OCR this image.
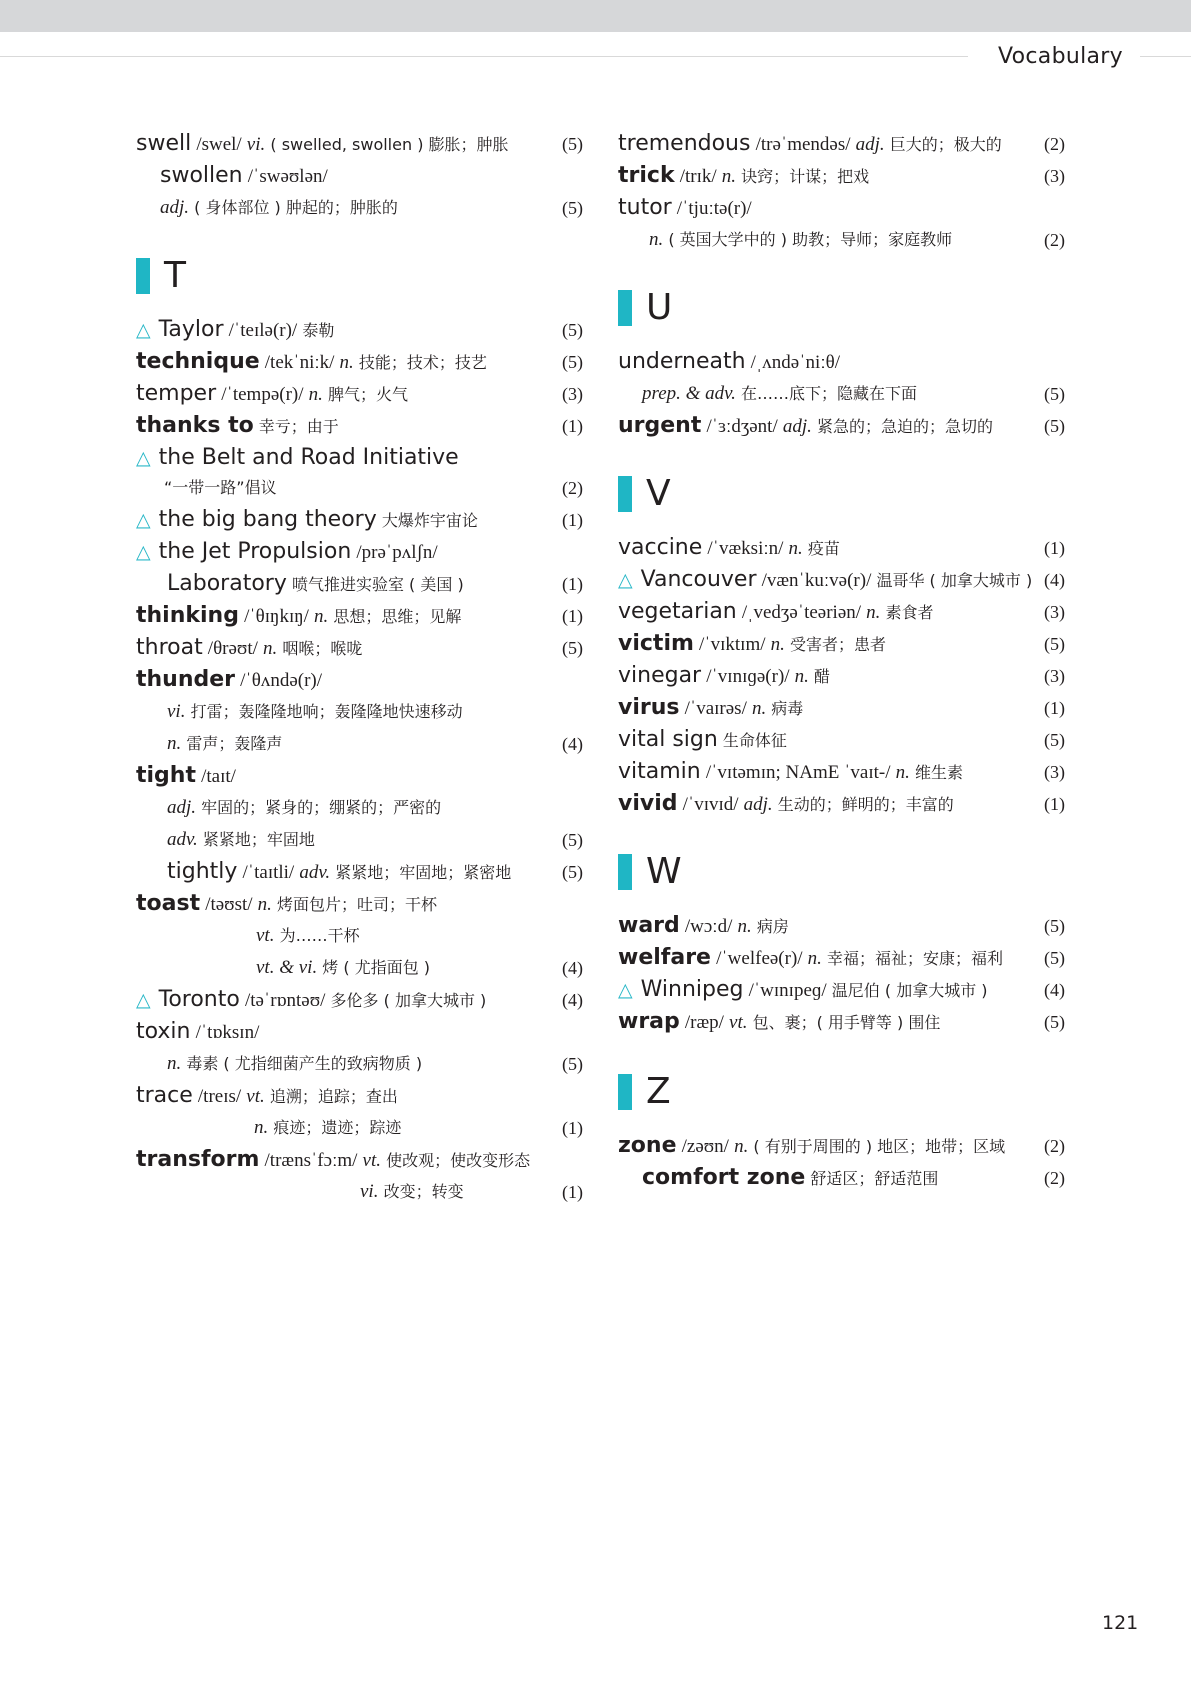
Vocabulary
swell /swel/ vi. ( swelled, swollen ) 膨胀；肿胀	(5)
swollen /ˈswəʊlən/
adj. ( 身体部位 ) 肿起的；肿胀的	(5)
T
△ Taylor /ˈteɪlə(r)/ 泰勒	(5)
technique /tekˈniːk/ n. 技能；技术；技艺	(5)
temper /ˈtempə(r)/ n. 脾气；火气	(3)
thanks to 幸亏；由于	(1)
△ the Belt and Road Initiative
“一带一路”倡议	(2)
△ the big bang theory 大爆炸宇宙论	(1)
△ the Jet Propulsion /prəˈpʌlʃn/
Laboratory 喷气推进实验室 ( 美国 )	(1)
thinking /ˈθɪŋkɪŋ/ n. 思想；思维；见解	(1)
throat /θrəʊt/ n. 咽喉；喉咙	(5)
thunder /ˈθʌndə(r)/
vi. 打雷；轰隆隆地响；轰隆隆地快速移动
n. 雷声；轰隆声	(4)
tight /taɪt/
adj. 牢固的；紧身的；绷紧的；严密的
adv. 紧紧地；牢固地	(5)
tightly /ˈtaɪtli/ adv. 紧紧地；牢固地；紧密地	(5)
toast /təʊst/ n. 烤面包片；吐司；干杯
vt. 为……干杯
vt. & vi. 烤 ( 尤指面包 )	(4)
△ Toronto /təˈrɒntəʊ/ 多伦多 ( 加拿大城市 )	(4)
toxin /ˈtɒksɪn/
n. 毒素 ( 尤指细菌产生的致病物质 )	(5)
trace /treɪs/ vt. 追溯；追踪；查出
n. 痕迹；遗迹；踪迹	(1)
transform /trænsˈfɔːm/ vt. 使改观；使改变形态
vi. 改变；转变	(1)
tremendous /trəˈmendəs/ adj. 巨大的；极大的 (2)
trick /trɪk/ n. 诀窍；计谋；把戏	(3)
tutor /ˈtjuːtə(r)/
n. ( 英国大学中的 ) 助教；导师；家庭教师	(2)
U
underneath /ˌʌndəˈniːθ/
prep. & adv. 在……底下；隐藏在下面	(5)
urgent /ˈɜːdʒənt/ adj. 紧急的；急迫的；急切的	(5)
V
vaccine /ˈvæksiːn/ n. 疫苗	(1)
△ Vancouver /vænˈkuːvə(r)/ 温哥华 ( 加拿大城市 ) (4)
vegetarian /ˌvedʒəˈteəriən/ n. 素食者	(3)
victim /ˈvɪktɪm/ n. 受害者；患者	(5)
vinegar /ˈvɪnɪɡə(r)/ n. 醋	(3)
virus /ˈvaɪrəs/ n. 病毒	(1)
vital sign 生命体征	(5)
vitamin /ˈvɪtəmɪn; NAmE ˈvaɪt-/ n. 维生素	(3)
vivid /ˈvɪvɪd/ adj. 生动的；鲜明的；丰富的	(1)
W
ward /wɔːd/ n. 病房	(5)
welfare /ˈwelfeə(r)/ n. 幸福；福祉；安康；福利 (5)
△ Winnipeg /ˈwɪnɪpeɡ/ 温尼伯 ( 加拿大城市 )	(4)
wrap /ræp/ vt. 包、裹；( 用手臂等 ) 围住	(5)
Z
zone /zəʊn/ n. ( 有别于周围的 ) 地区；地带；区域 (2)
comfort zone 舒适区；舒适范围	(2)
121
